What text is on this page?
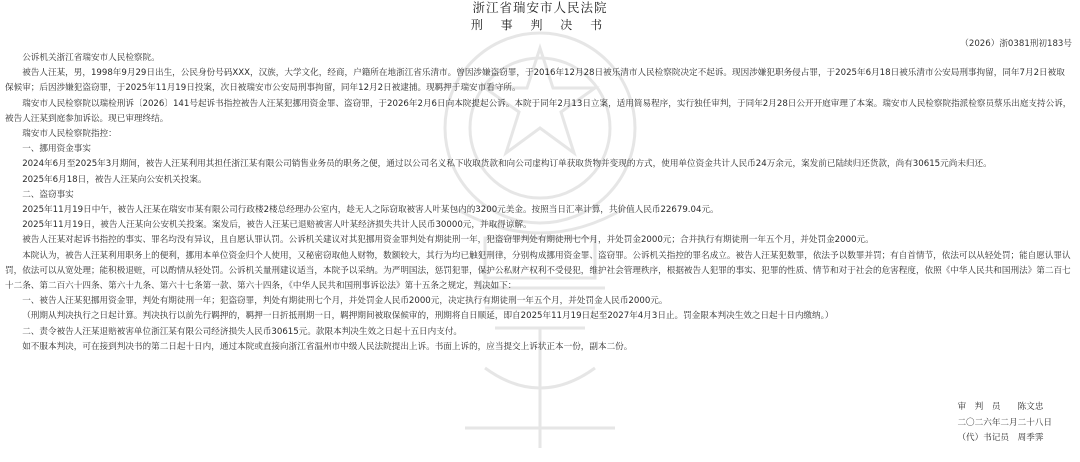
浙江省瑞安市人民法院
刑 事 判 决 书
（2026）浙0381刑初183号

公诉机关浙江省瑞安市人民检察院。

被告人汪某，男，1998年9月29日出生，公民身份号码XXX，汉族，大学文化，经商，户籍所在地浙江省乐清市。曾因涉嫌盗窃罪，于2016年12月28日被乐清市人民检察院决定不起诉。现因涉嫌犯职务侵占罪，于2025年6月18日被乐清市公安局刑事拘留，同年7月2日被取保候审；后因涉嫌犯盗窃罪，于2025年11月19日投案，次日被瑞安市公安局刑事拘留，同年12月2日被逮捕。现羁押于瑞安市看守所。

瑞安市人民检察院以瑞检刑诉〔2026〕141号起诉书指控被告人汪某犯挪用资金罪、盗窃罪，于2026年2月6日向本院提起公诉。本院于同年2月13日立案，适用简易程序，实行独任审判，于同年2月28日公开开庭审理了本案。瑞安市人民检察院指派检察员蔡乐出庭支持公诉，被告人汪某到庭参加诉讼。现已审理终结。

瑞安市人民检察院指控：

一、挪用资金事实

2024年6月至2025年3月期间，被告人汪某利用其担任浙江某有限公司销售业务员的职务之便，通过以公司名义私下收取货款和向公司虚构订单获取货物并变现的方式，使用单位资金共计人民币24万余元，案发前已陆续归还货款，尚有30615元尚未归还。

2025年6月18日，被告人汪某向公安机关投案。

二、盗窃事实

2025年11月19日中午，被告人汪某在瑞安市某有限公司行政楼2楼总经理办公室内，趁无人之际窃取被害人叶某包内的3200元美金。按照当日汇率计算，共价值人民币22679.04元。

2025年11月19日，被告人汪某向公安机关投案。案发后，被告人汪某已退赔被害人叶某经济损失共计人民币30000元，并取得谅解。

被告人汪某对起诉书指控的事实、罪名均没有异议，且自愿认罪认罚。公诉机关建议对其犯挪用资金罪判处有期徒刑一年，犯盗窃罪判处有期徒刑七个月，并处罚金2000元；合并执行有期徒刑一年五个月，并处罚金2000元。

本院认为，被告人汪某利用职务上的便利，挪用本单位资金归个人使用，又秘密窃取他人财物，数额较大，其行为均已触犯刑律，分别构成挪用资金罪、盗窃罪。公诉机关指控的罪名成立。被告人汪某犯数罪，依法予以数罪并罚；有自首情节，依法可以从轻处罚；能自愿认罪认罚，依法可以从宽处理；能积极退赃，可以酌情从轻处罚。公诉机关量刑建议适当，本院予以采纳。为严明国法，惩罚犯罪，保护公私财产权利不受侵犯，维护社会管理秩序，根据被告人犯罪的事实、犯罪的性质、情节和对于社会的危害程度，依照《中华人民共和国刑法》第二百七十二条、第二百六十四条、第六十九条、第六十七条第一款、第六十四条，《中华人民共和国刑事诉讼法》第十五条之规定，判决如下：

一、被告人汪某犯挪用资金罪，判处有期徒刑一年；犯盗窃罪，判处有期徒刑七个月，并处罚金人民币2000元，决定执行有期徒刑一年五个月，并处罚金人民币2000元。

（刑期从判决执行之日起计算。判决执行以前先行羁押的，羁押一日折抵刑期一日，羁押期间被取保候审的，刑期将自日顺延，即自2025年11月19日起至2027年4月3日止。罚金限本判决生效之日起十日内缴纳。）

二、责令被告人汪某退赔被害单位浙江某有限公司经济损失人民币30615元。款限本判决生效之日起十五日内支付。

如不服本判决，可在接到判决书的第二日起十日内，通过本院或直接向浙江省温州市中级人民法院提出上诉。书面上诉的，应当提交上诉状正本一份，副本二份。

审　判　员　　 陈文忠
二〇二六年二月二十八日
（代）书记员　 周季霁
